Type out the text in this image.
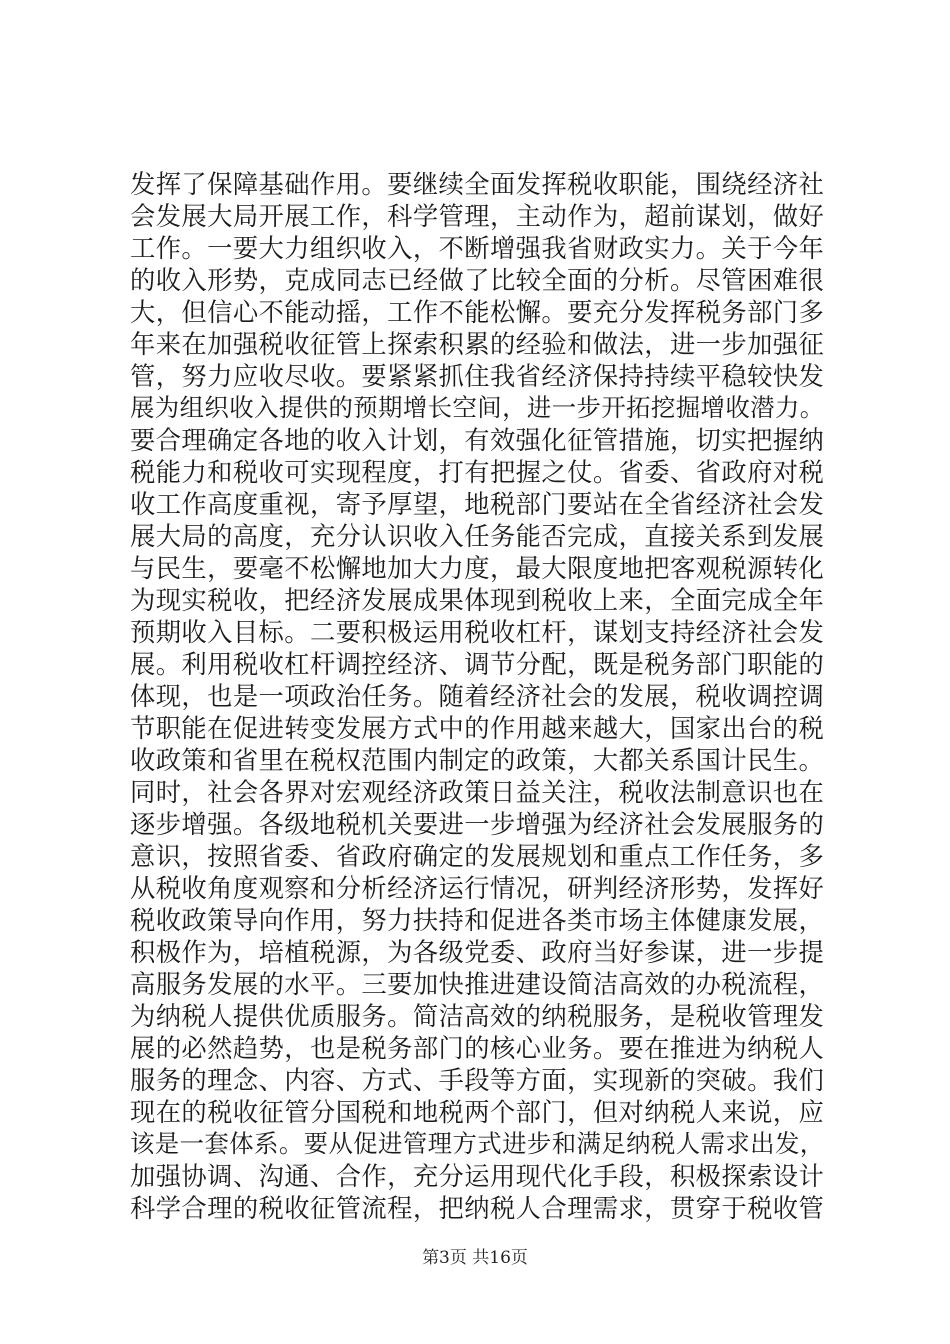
发挥了保障基础作用。要继续全面发挥税收职能，围绕经济社
会发展大局开展工作，科学管理，主动作为，超前谋划，做好
工作。一要大力组织收入，不断增强我省财政实力。关于今年
的收入形势，克成同志已经做了比较全面的分析。尽管困难很
大，但信心不能动摇，工作不能松懈。要充分发挥税务部门多
年来在加强税收征管上探索积累的经验和做法，进一步加强征
管，努力应收尽收。要紧紧抓住我省经济保持持续平稳较快发
展为组织收入提供的预期增长空间，进一步开拓挖掘增收潜力。
要合理确定各地的收入计划，有效强化征管措施，切实把握纳
税能力和税收可实现程度，打有把握之仗。省委、省政府对税
收工作高度重视，寄予厚望，地税部门要站在全省经济社会发
展大局的高度，充分认识收入任务能否完成，直接关系到发展
与民生，要毫不松懈地加大力度，最大限度地把客观税源转化
为现实税收，把经济发展成果体现到税收上来，全面完成全年
预期收入目标。二要积极运用税收杠杆，谋划支持经济社会发
展。利用税收杠杆调控经济、调节分配，既是税务部门职能的
体现，也是一项政治任务。随着经济社会的发展，税收调控调
节职能在促进转变发展方式中的作用越来越大，国家出台的税
收政策和省里在税权范围内制定的政策，大都关系国计民生。
同时，社会各界对宏观经济政策日益关注，税收法制意识也在
逐步增强。各级地税机关要进一步增强为经济社会发展服务的
意识，按照省委、省政府确定的发展规划和重点工作任务，多
从税收角度观察和分析经济运行情况，研判经济形势，发挥好
税收政策导向作用，努力扶持和促进各类市场主体健康发展，
积极作为，培植税源，为各级党委、政府当好参谋，进一步提
高服务发展的水平。三要加快推进建设简洁高效的办税流程，
为纳税人提供优质服务。简洁高效的纳税服务，是税收管理发
展的必然趋势，也是税务部门的核心业务。要在推进为纳税人
服务的理念、内容、方式、手段等方面，实现新的突破。我们
现在的税收征管分国税和地税两个部门，但对纳税人来说，应
该是一套体系。要从促进管理方式进步和满足纳税人需求出发，
加强协调、沟通、合作，充分运用现代化手段，积极探索设计
科学合理的税收征管流程，把纳税人合理需求，贯穿于税收管
第3页 共16页
